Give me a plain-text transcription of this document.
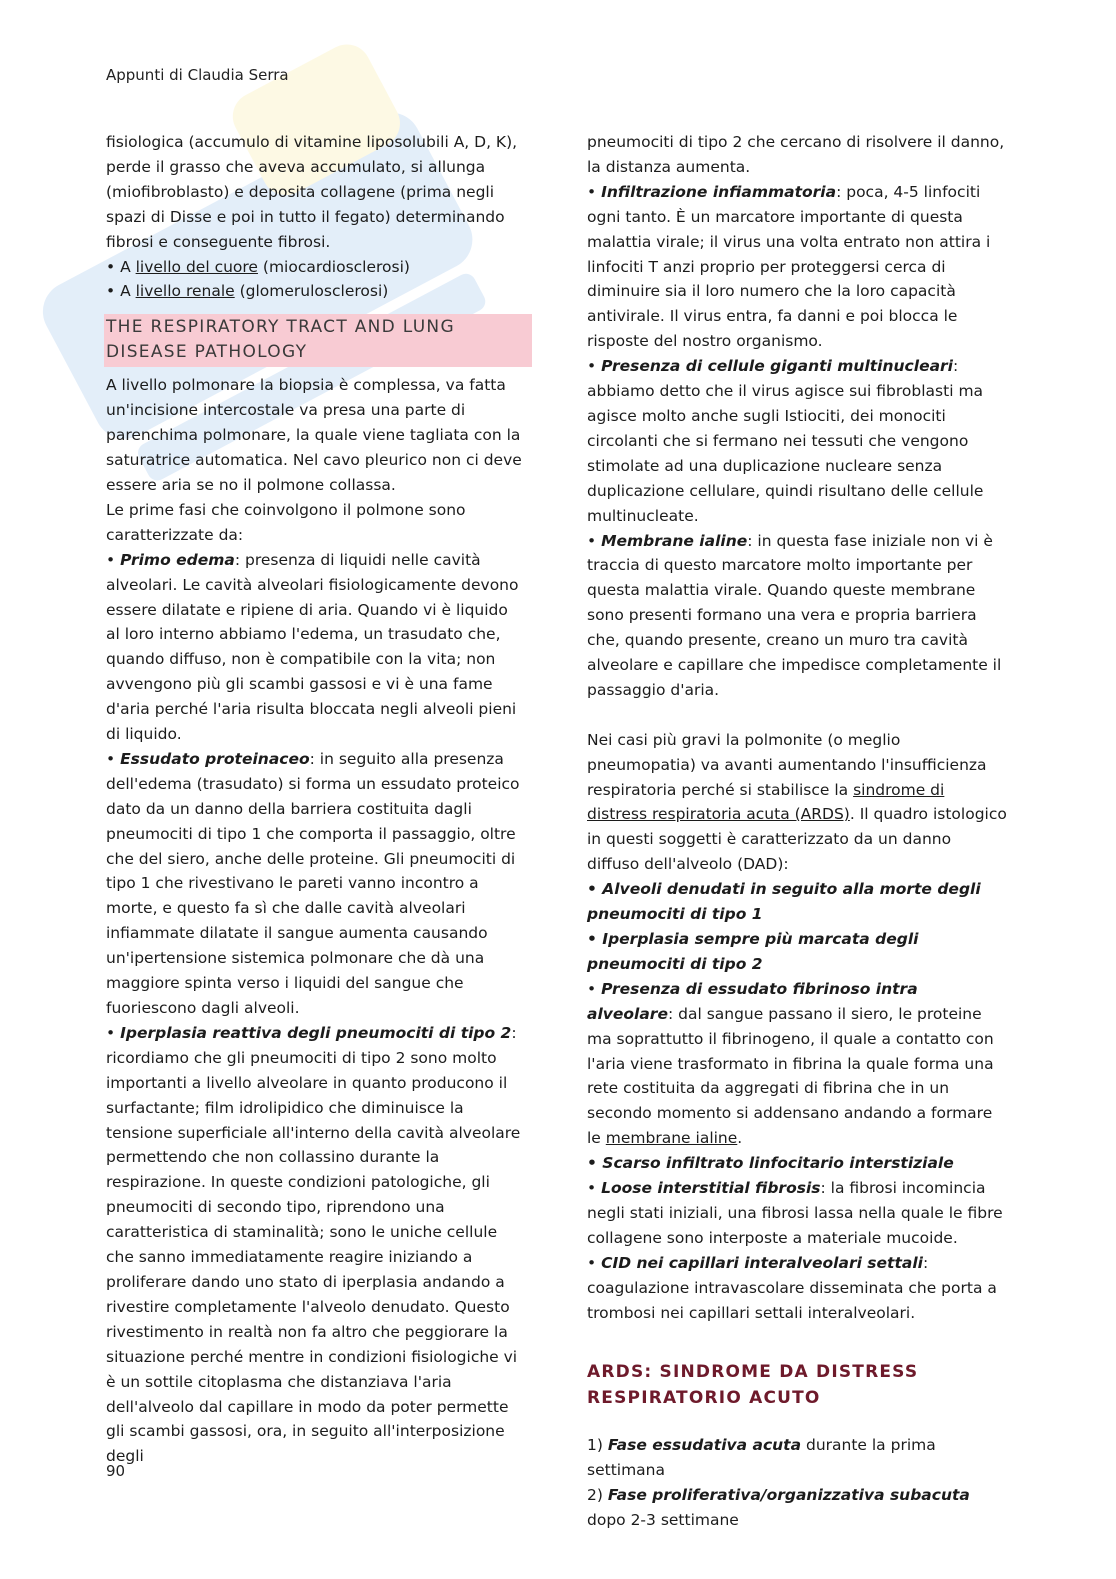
Appunti di Claudia Serra

fisiologica (accumulo di vitamine liposolubili A, D, K), perde il grasso che aveva accumulato, si allunga (miofibroblasto) e deposita collagene (prima negli spazi di Disse e poi in tutto il fegato) determinando fibrosi e conseguente fibrosi.

• A livello del cuore (miocardiosclerosi)

• A livello renale (glomerulosclerosi)

THE RESPIRATORY TRACT AND LUNG DISEASE PATHOLOGY

A livello polmonare la biopsia è complessa, va fatta un'incisione intercostale va presa una parte di parenchima polmonare, la quale viene tagliata con la saturatrice automatica. Nel cavo pleurico non ci deve essere aria se no il polmone collassa.

Le prime fasi che coinvolgono il polmone sono caratterizzate da:

• Primo edema: presenza di liquidi nelle cavità alveolari. Le cavità alveolari fisiologicamente devono essere dilatate e ripiene di aria. Quando vi è liquido al loro interno abbiamo l'edema, un trasudato che, quando diffuso, non è compatibile con la vita; non avvengono più gli scambi gassosi e vi è una fame d'aria perché l'aria risulta bloccata negli alveoli pieni di liquido.

• Essudato proteinaceo: in seguito alla presenza dell'edema (trasudato) si forma un essudato proteico dato da un danno della barriera costituita dagli pneumociti di tipo 1 che comporta il passaggio, oltre che del siero, anche delle proteine. Gli pneumociti di tipo 1 che rivestivano le pareti vanno incontro a morte, e questo fa sì che dalle cavità alveolari infiammate dilatate il sangue aumenta causando un'ipertensione sistemica polmonare che dà una maggiore spinta verso i liquidi del sangue che fuoriescono dagli alveoli.

• Iperplasia reattiva degli pneumociti di tipo 2: ricordiamo che gli pneumociti di tipo 2 sono molto importanti a livello alveolare in quanto producono il surfactante; film idrolipidico che diminuisce la tensione superficiale all'interno della cavità alveolare permettendo che non collassino durante la respirazione. In queste condizioni patologiche, gli pneumociti di secondo tipo, riprendono una caratteristica di staminalità; sono le uniche cellule che sanno immediatamente reagire iniziando a proliferare dando uno stato di iperplasia andando a rivestire completamente l'alveolo denudato. Questo rivestimento in realtà non fa altro che peggiorare la situazione perché mentre in condizioni fisiologiche vi è un sottile citoplasma che distanziava l'aria dell'alveolo dal capillare in modo da poter permette gli scambi gassosi, ora, in seguito all'interposizione degli

pneumociti di tipo 2 che cercano di risolvere il danno, la distanza aumenta.

• Infiltrazione infiammatoria: poca, 4-5 linfociti ogni tanto. È un marcatore importante di questa malattia virale; il virus una volta entrato non attira i linfociti T anzi proprio per proteggersi cerca di diminuire sia il loro numero che la loro capacità antivirale. Il virus entra, fa danni e poi blocca le risposte del nostro organismo.

• Presenza di cellule giganti multinucleari: abbiamo detto che il virus agisce sui fibroblasti ma agisce molto anche sugli Istiociti, dei monociti circolanti che si fermano nei tessuti che vengono stimolate ad una duplicazione nucleare senza duplicazione cellulare, quindi risultano delle cellule multinucleate.

• Membrane ialine: in questa fase iniziale non vi è traccia di questo marcatore molto importante per questa malattia virale. Quando queste membrane sono presenti formano una vera e propria barriera che, quando presente, creano un muro tra cavità alveolare e capillare che impedisce completamente il passaggio d'aria.

Nei casi più gravi la polmonite (o meglio pneumopatia) va avanti aumentando l'insufficienza respiratoria perché si stabilisce la sindrome di distress respiratoria acuta (ARDS). Il quadro istologico in questi soggetti è caratterizzato da un danno diffuso dell'alveolo (DAD):

• Alveoli denudati in seguito alla morte degli pneumociti di tipo 1

• Iperplasia sempre più marcata degli pneumociti di tipo 2

• Presenza di essudato fibrinoso intra alveolare: dal sangue passano il siero, le proteine ma soprattutto il fibrinogeno, il quale a contatto con l'aria viene trasformato in fibrina la quale forma una rete costituita da aggregati di fibrina che in un secondo momento si addensano andando a formare le membrane ialine.

• Scarso infiltrato linfocitario interstiziale

• Loose interstitial fibrosis: la fibrosi incomincia negli stati iniziali, una fibrosi lassa nella quale le fibre collagene sono interposte a materiale mucoide.

• CID nei capillari interalveolari settali: coagulazione intravascolare disseminata che porta a trombosi nei capillari settali interalveolari.

ARDS: SINDROME DA DISTRESS RESPIRATORIO ACUTO

1) Fase essudativa acuta durante la prima settimana

2) Fase proliferativa/organizzativa subacuta dopo 2-3 settimane

90
